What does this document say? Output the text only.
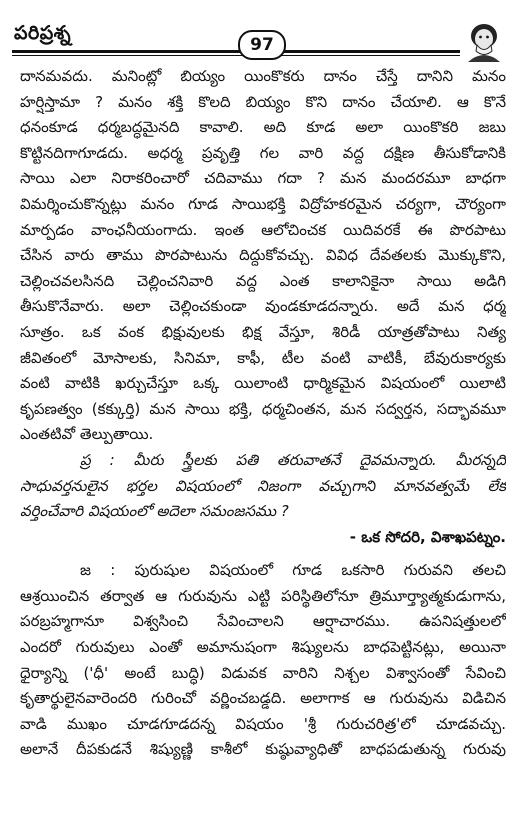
పరిప్రశ్న
97
దానమవదు. మనింట్లో బియ్యం యింకొకరు దానం చేస్తే దానిని మనం
హర్షిస్తామా ? మనం శక్తి కొలది బియ్యం కొని దానం చేయాలి. ఆ కొనే
ధనంకూడ ధర్మబద్ధమైనది కావాలి. అది కూడ అలా యింకొకరి జబు
కొట్టినదిగాగూడదు. అధర్మ ప్రవృత్తి గల వారి వద్ద దక్షిణ తీసుకోడానికి
సాయి ఎలా నిరాకరించారో చదివాము గదా ? మన మందరమూ బాధగా
విమర్శించుకొన్నట్లు మనం గూడ సాయిభక్తి విద్రోహకరమైన చర్యగా, చౌర్యంగా
మార్పడం వాంఛనీయంగాదు. ఇంత ఆలోచించక యిదివరకే ఈ పొరపాటు
చేసిన వారు తాము పొరపాటును దిద్దుకోవచ్చు. వివిధ దేవతలకు మొక్కుకొని,
చెల్లించవలసినది చెల్లించనివారి వద్ద ఎంత కాలానికైనా సాయి అడిగి
తీసుకొనేవారు. అలా చెల్లించకుండా వుండకూడదన్నారు. అదే మన ధర్మ
సూత్రం. ఒక వంక భిక్షువులకు భిక్ష వేస్తూ, శిరిడీ యాత్రతోపాటు నిత్య
జీవితంలో మోసాలకు, సినిమా, కాఫీ, టీల వంటి వాటికీ, బేవురుకార్యకు
వంటి వాటికి ఖర్చుచేస్తూ ఒక్క యిలాంటి ధార్మికమైన విషయంలో యిలాటి
కృపణత్వం (కక్కుర్తి) మన సాయి భక్తి, ధర్మచింతన, మన సద్వర్తన, సద్భావమూ
ఎంతటివో తెల్పుతాయి.
ప్ర : మీరు స్త్రీలకు పతి తరువాతనే దైవమన్నారు. మీరన్నది
సాధువర్తనులైన భర్తల విషయంలో నిజంగా వచ్చుగాని మానవత్వమే లేక
వర్తించేవారి విషయంలో అదెలా సమంజసము ?
- ఒక సోదరి, విశాఖపట్నం.
జ : పురుషుల విషయంలో గూడ ఒకసారి గురువని తలచి
ఆశ్రయించిన తర్వాత ఆ గురువును ఎట్టి పరిస్థితిలోనూ త్రిమూర్త్యాత్మకుడుగాను,
పరబ్రహ్మగానూ విశ్వసించి సేవించాలని ఆర్షాచారము. ఉపనిషత్తులలో
ఎందరో గురువులు ఎంతో అమానుషంగా శిష్యులను బాధపెట్టినట్లు, అయినా
ధైర్యాన్ని ('ధీ' అంటే బుద్ధి) విడువక వారిని నిశ్చల విశ్వాసంతో సేవించి
కృతార్థులైనవారెందరి గురించో వర్ణించబడ్డది. అలాగాక ఆ గురువును విడిచిన
వాడి ముఖం చూడగూడదన్న విషయం 'శ్రీ గురుచరిత్ర'లో చూడవచ్చు.
అలానే దీపకుడనే శిష్యుణ్ణి కాశీలో కుష్ఠువ్యాధితో బాధపడుతున్న గురువు
